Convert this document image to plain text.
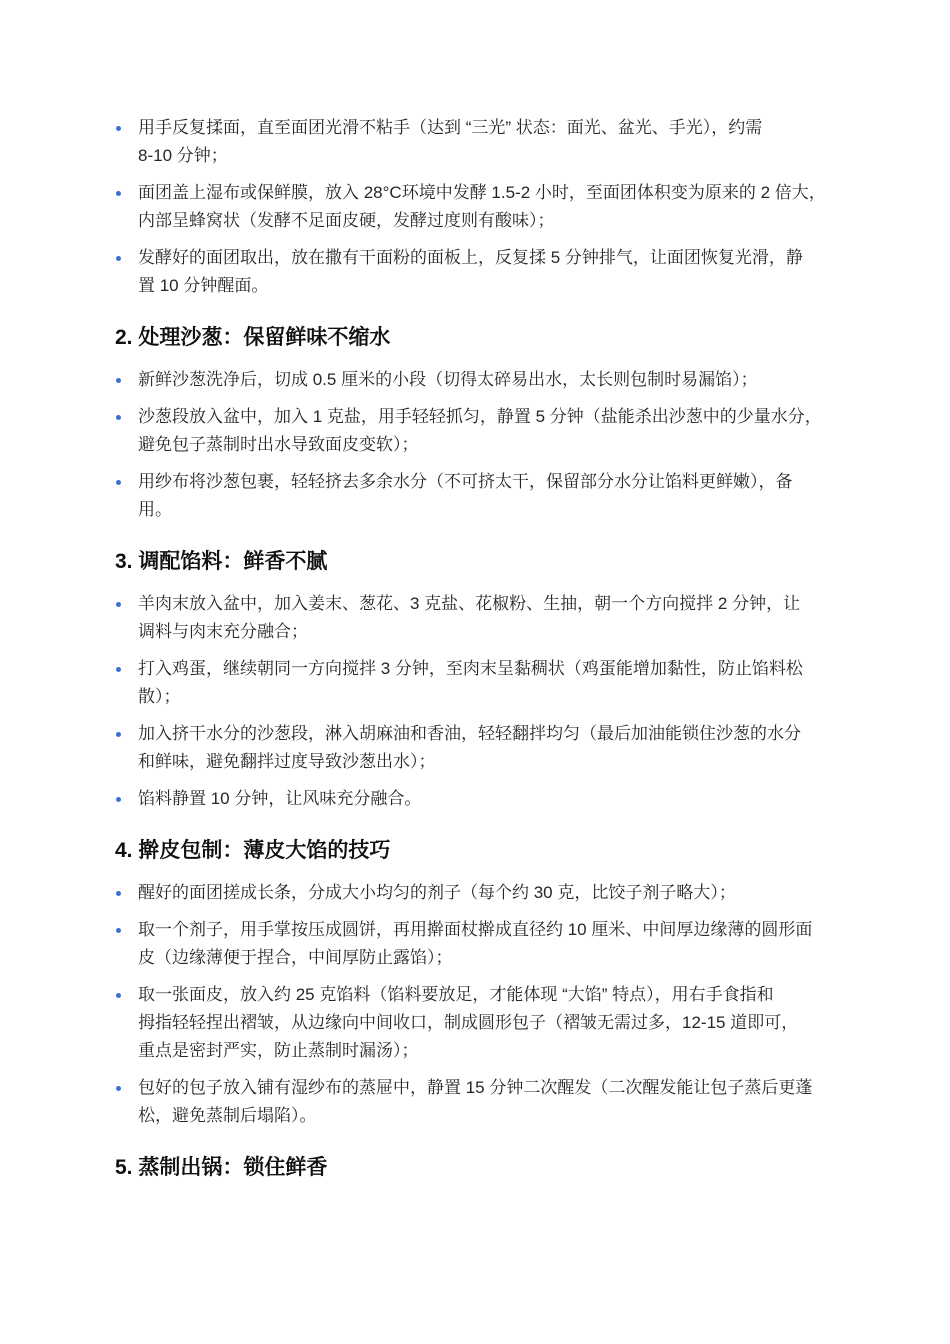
用手反复揉面，直至面团光滑不粘手（达到 “三光” 状态：面光、盆光、手光），约需
8-10 分钟；
面团盖上湿布或保鲜膜，放入 28°C环境中发酵 1.5-2 小时，至面团体积变为原来的 2 倍大，
内部呈蜂窝状（发酵不足面皮硬，发酵过度则有酸味）；
发酵好的面团取出，放在撒有干面粉的面板上，反复揉 5 分钟排气，让面团恢复光滑，静
置 10 分钟醒面。
2. 处理沙葱：保留鲜味不缩水
新鲜沙葱洗净后，切成 0.5 厘米的小段（切得太碎易出水，太长则包制时易漏馅）；
沙葱段放入盆中，加入 1 克盐，用手轻轻抓匀，静置 5 分钟（盐能杀出沙葱中的少量水分，
避免包子蒸制时出水导致面皮变软）；
用纱布将沙葱包裹，轻轻挤去多余水分（不可挤太干，保留部分水分让馅料更鲜嫩），备
用。
3. 调配馅料：鲜香不腻
羊肉末放入盆中，加入姜末、葱花、3 克盐、花椒粉、生抽，朝一个方向搅拌 2 分钟，让
调料与肉末充分融合；
打入鸡蛋，继续朝同一方向搅拌 3 分钟，至肉末呈黏稠状（鸡蛋能增加黏性，防止馅料松
散）；
加入挤干水分的沙葱段，淋入胡麻油和香油，轻轻翻拌均匀（最后加油能锁住沙葱的水分
和鲜味，避免翻拌过度导致沙葱出水）；
馅料静置 10 分钟，让风味充分融合。
4. 擀皮包制：薄皮大馅的技巧
醒好的面团搓成长条，分成大小均匀的剂子（每个约 30 克，比饺子剂子略大）；
取一个剂子，用手掌按压成圆饼，再用擀面杖擀成直径约 10 厘米、中间厚边缘薄的圆形面
皮（边缘薄便于捏合，中间厚防止露馅）；
取一张面皮，放入约 25 克馅料（馅料要放足，才能体现 “大馅” 特点），用右手食指和
拇指轻轻捏出褶皱，从边缘向中间收口，制成圆形包子（褶皱无需过多，12-15 道即可，
重点是密封严实，防止蒸制时漏汤）；
包好的包子放入铺有湿纱布的蒸屉中，静置 15 分钟二次醒发（二次醒发能让包子蒸后更蓬
松，避免蒸制后塌陷）。
5. 蒸制出锅：锁住鲜香
